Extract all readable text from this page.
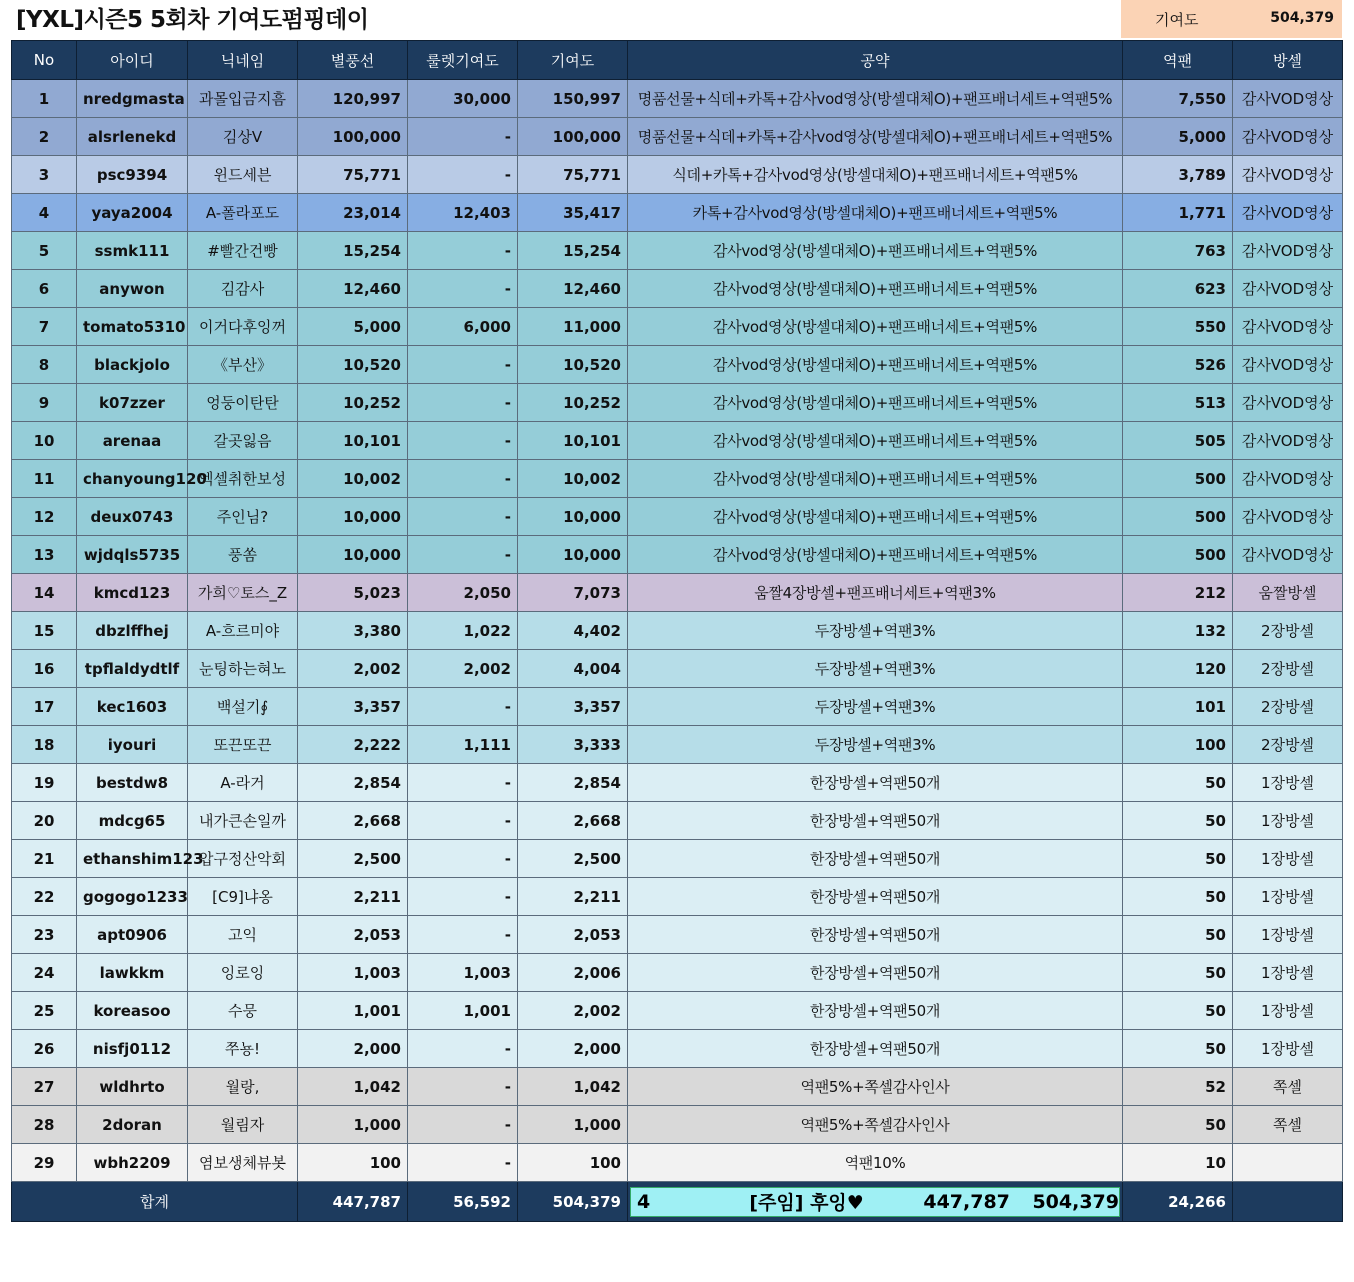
[YXL]시즌5 5회차 기여도펌핑데이	기여도	504,379
No	아이디	닉네임	별풍선	룰렛기여도	기여도	공약	역팬	방셀
1	nredgmasta	과몰입금지흠	120,997	30,000	150,997	명품선물+식데+카톡+감사vod영상(방셀대체O)+팬프배너세트+역팬5%	7,550	감사VOD영상
2	alsrlenekd	김상V	100,000	-	100,000	명품선물+식데+카톡+감사vod영상(방셀대체O)+팬프배너세트+역팬5%	5,000	감사VOD영상
3	psc9394	윈드세븐	75,771	-	75,771	식데+카톡+감사vod영상(방셀대체O)+팬프배너세트+역팬5%	3,789	감사VOD영상
4	yaya2004	A-폴라포도	23,014	12,403	35,417	카톡+감사vod영상(방셀대체O)+팬프배너세트+역팬5%	1,771	감사VOD영상
5	ssmk111	#빨간건빵	15,254	-	15,254	감사vod영상(방셀대체O)+팬프배너세트+역팬5%	763	감사VOD영상
6	anywon	김감사	12,460	-	12,460	감사vod영상(방셀대체O)+팬프배너세트+역팬5%	623	감사VOD영상
7	tomato5310	이거다후잉꺼	5,000	6,000	11,000	감사vod영상(방셀대체O)+팬프배너세트+역팬5%	550	감사VOD영상
8	blackjolo	《부산》	10,520	-	10,520	감사vod영상(방셀대체O)+팬프배너세트+역팬5%	526	감사VOD영상
9	k07zzer	엉둥이탄탄	10,252	-	10,252	감사vod영상(방셀대체O)+팬프배너세트+역팬5%	513	감사VOD영상
10	arenaa	갈곳잃음	10,101	-	10,101	감사vod영상(방셀대체O)+팬프배너세트+역팬5%	505	감사VOD영상
11	chanyoung120	엑셀취한보성	10,002	-	10,002	감사vod영상(방셀대체O)+팬프배너세트+역팬5%	500	감사VOD영상
12	deux0743	주인님?	10,000	-	10,000	감사vod영상(방셀대체O)+팬프배너세트+역팬5%	500	감사VOD영상
13	wjdqls5735	풍쏨	10,000	-	10,000	감사vod영상(방셀대체O)+팬프배너세트+역팬5%	500	감사VOD영상
14	kmcd123	가희♡토스_Z	5,023	2,050	7,073	움짤4장방셀+팬프배너세트+역팬3%	212	움짤방셀
15	dbzlffhej	A-흐르미야	3,380	1,022	4,402	두장방셀+역팬3%	132	2장방셀
16	tpflaldydtlf	눈팅하는혀노	2,002	2,002	4,004	두장방셀+역팬3%	120	2장방셀
17	kec1603	백설기∮	3,357	-	3,357	두장방셀+역팬3%	101	2장방셀
18	iyouri	또끈또끈	2,222	1,111	3,333	두장방셀+역팬3%	100	2장방셀
19	bestdw8	A-라거	2,854	-	2,854	한장방셀+역팬50개	50	1장방셀
20	mdcg65	내가큰손일까	2,668	-	2,668	한장방셀+역팬50개	50	1장방셀
21	ethanshim123	압구정산악회	2,500	-	2,500	한장방셀+역팬50개	50	1장방셀
22	gogogo1233	[C9]냐옹	2,211	-	2,211	한장방셀+역팬50개	50	1장방셀
23	apt0906	고익	2,053	-	2,053	한장방셀+역팬50개	50	1장방셀
24	lawkkm	잉로잉	1,003	1,003	2,006	한장방셀+역팬50개	50	1장방셀
25	koreasoo	수뭉	1,001	1,001	2,002	한장방셀+역팬50개	50	1장방셀
26	nisfj0112	쭈뇽!	2,000	-	2,000	한장방셀+역팬50개	50	1장방셀
27	wldhrto	월랑,	1,042	-	1,042	역팬5%+쪽셀감사인사	52	쪽셀
28	2doran	월림자	1,000	-	1,000	역팬5%+쪽셀감사인사	50	쪽셀
29	wbh2209	염보생체뷰봇	100	-	100	역팬10%	10	
합계			447,787	56,592	504,379	4 [주임] 후잉♥ 447,787 504,379	24,266	
